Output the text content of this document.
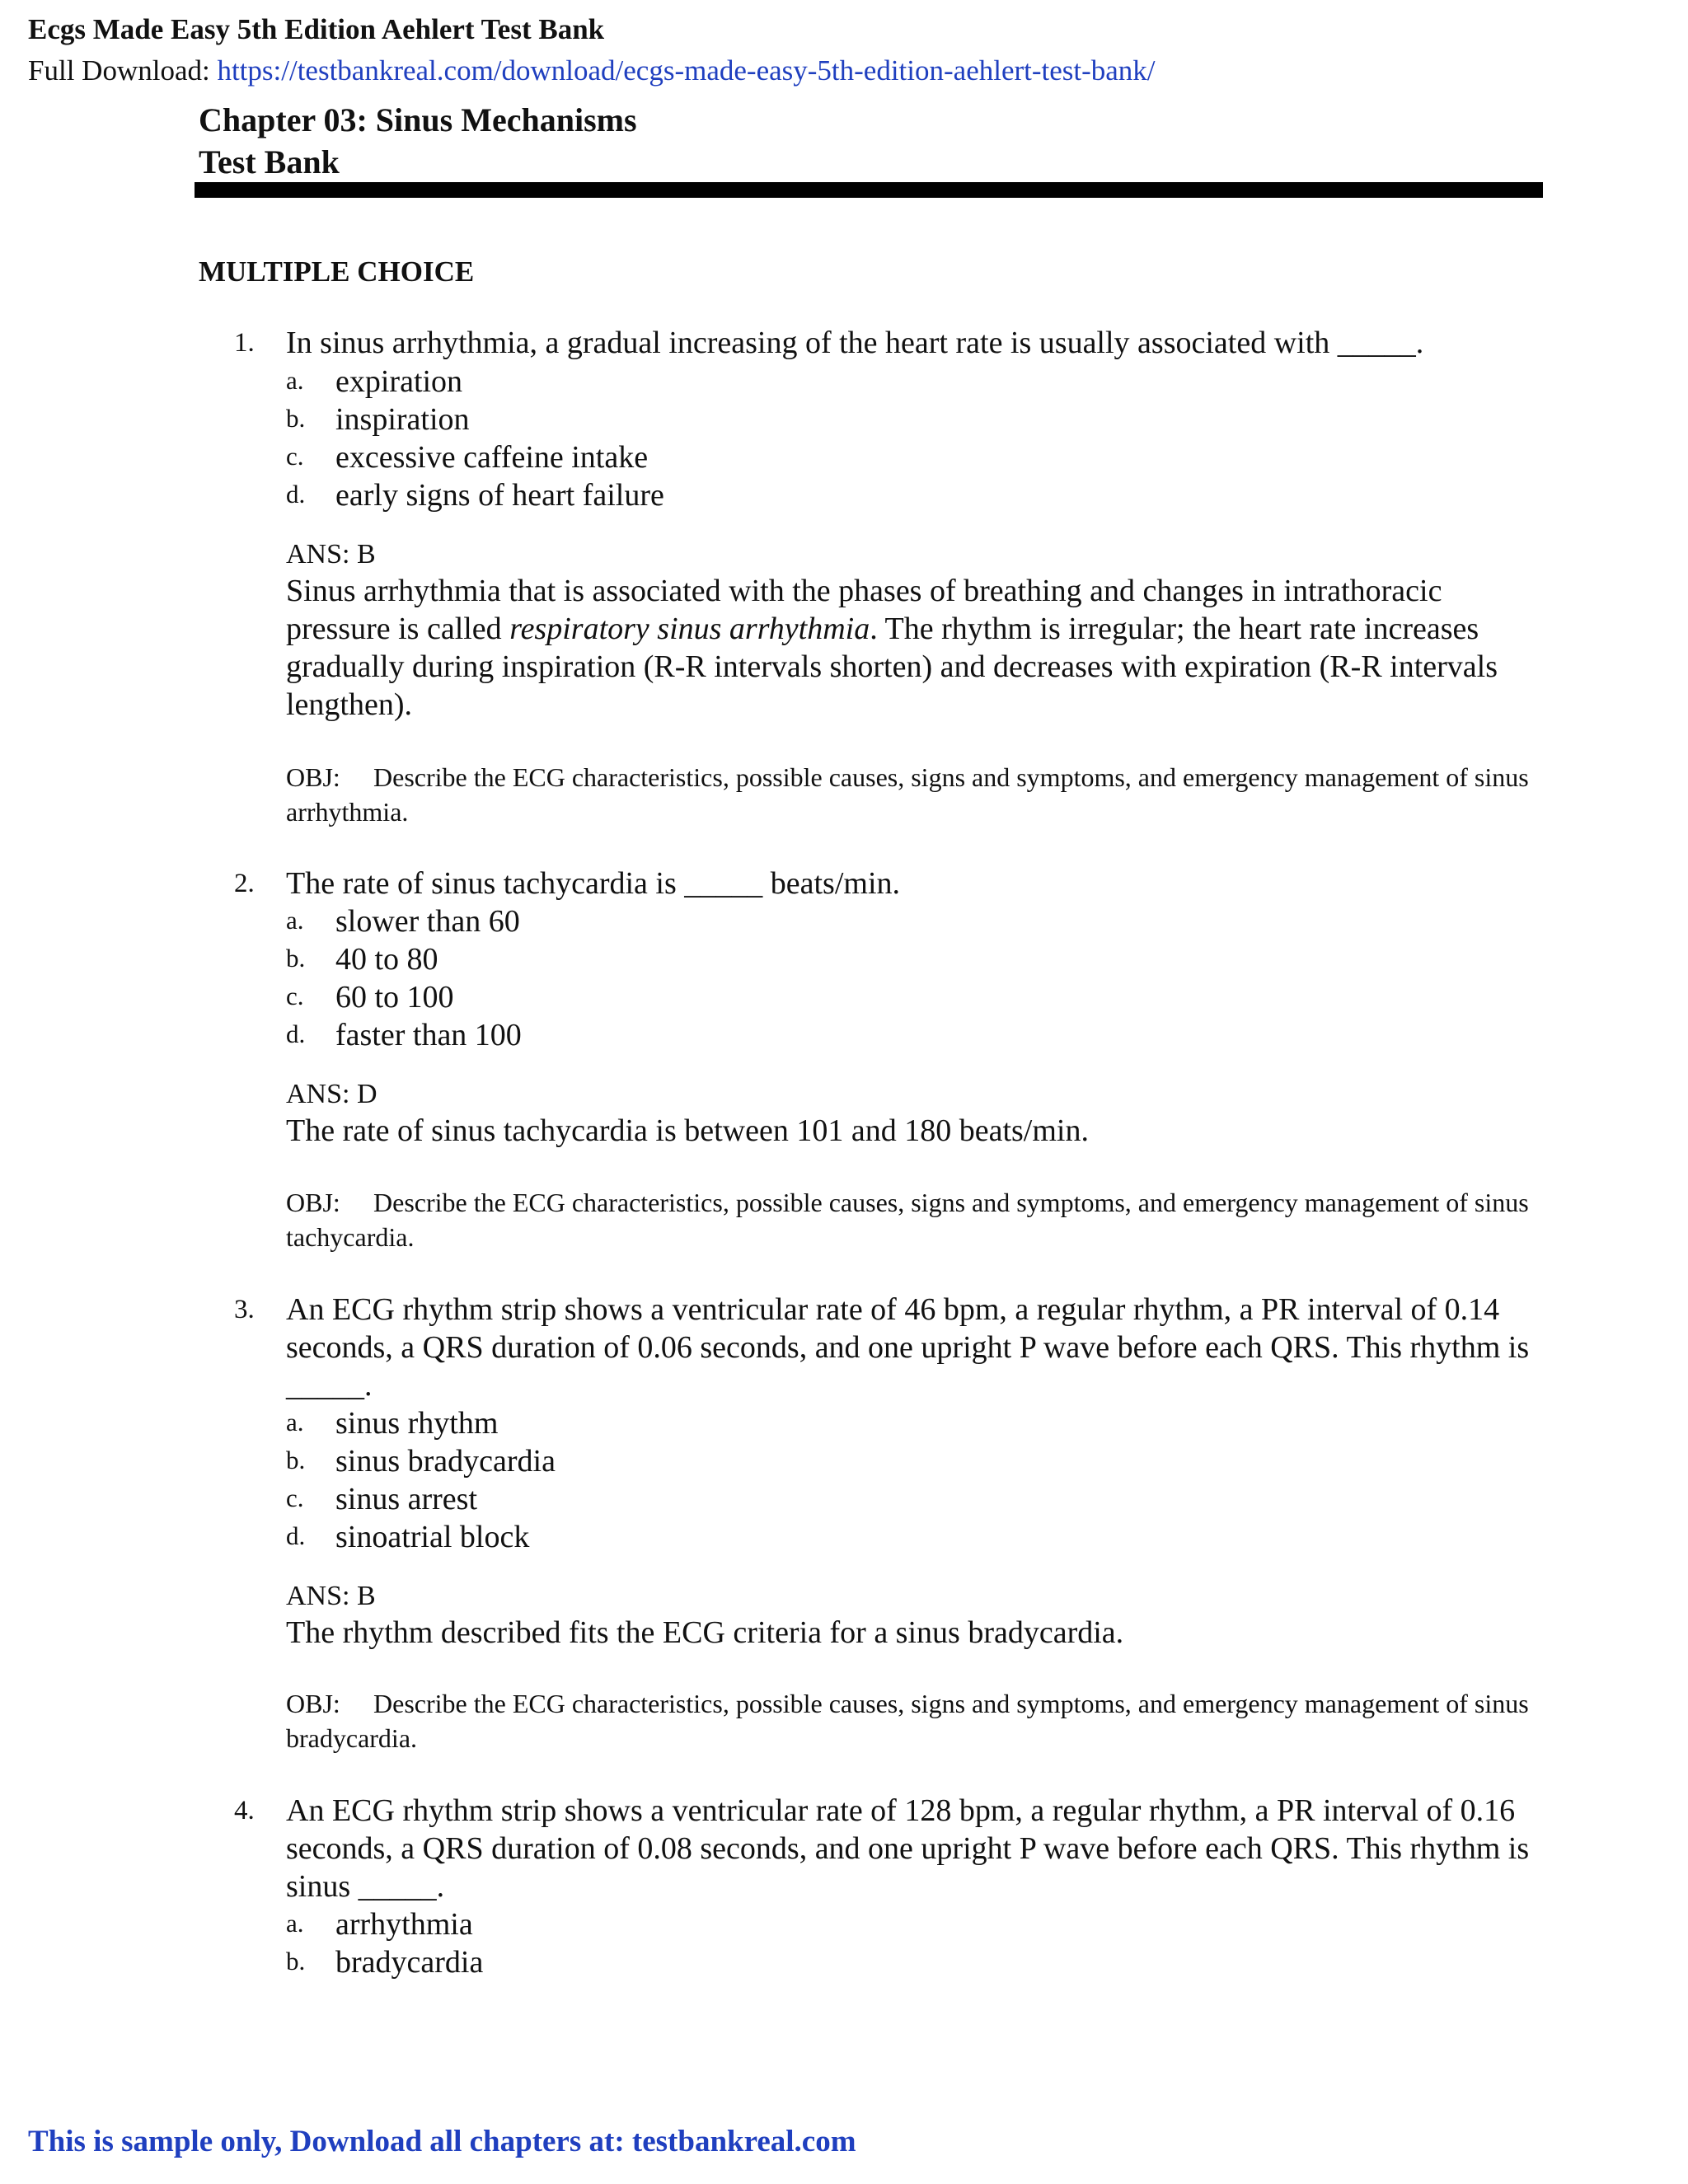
Ecgs Made Easy 5th Edition Aehlert Test Bank
Full Download: https://testbankreal.com/download/ecgs-made-easy-5th-edition-aehlert-test-bank/
Chapter 03: Sinus Mechanisms
Test Bank
MULTIPLE CHOICE
1. In sinus arrhythmia, a gradual increasing of the heart rate is usually associated with _____.
a. expiration
b. inspiration
c. excessive caffeine intake
d. early signs of heart failure
ANS: B
Sinus arrhythmia that is associated with the phases of breathing and changes in intrathoracic pressure is called respiratory sinus arrhythmia. The rhythm is irregular; the heart rate increases gradually during inspiration (R-R intervals shorten) and decreases with expiration (R-R intervals lengthen).
OBJ: Describe the ECG characteristics, possible causes, signs and symptoms, and emergency management of sinus arrhythmia.
2. The rate of sinus tachycardia is _____ beats/min.
a. slower than 60
b. 40 to 80
c. 60 to 100
d. faster than 100
ANS: D
The rate of sinus tachycardia is between 101 and 180 beats/min.
OBJ: Describe the ECG characteristics, possible causes, signs and symptoms, and emergency management of sinus tachycardia.
3. An ECG rhythm strip shows a ventricular rate of 46 bpm, a regular rhythm, a PR interval of 0.14 seconds, a QRS duration of 0.06 seconds, and one upright P wave before each QRS. This rhythm is _____.
a. sinus rhythm
b. sinus bradycardia
c. sinus arrest
d. sinoatrial block
ANS: B
The rhythm described fits the ECG criteria for a sinus bradycardia.
OBJ: Describe the ECG characteristics, possible causes, signs and symptoms, and emergency management of sinus bradycardia.
4. An ECG rhythm strip shows a ventricular rate of 128 bpm, a regular rhythm, a PR interval of 0.16 seconds, a QRS duration of 0.08 seconds, and one upright P wave before each QRS. This rhythm is sinus _____.
a. arrhythmia
b. bradycardia
This is sample only, Download all chapters at: testbankreal.com
